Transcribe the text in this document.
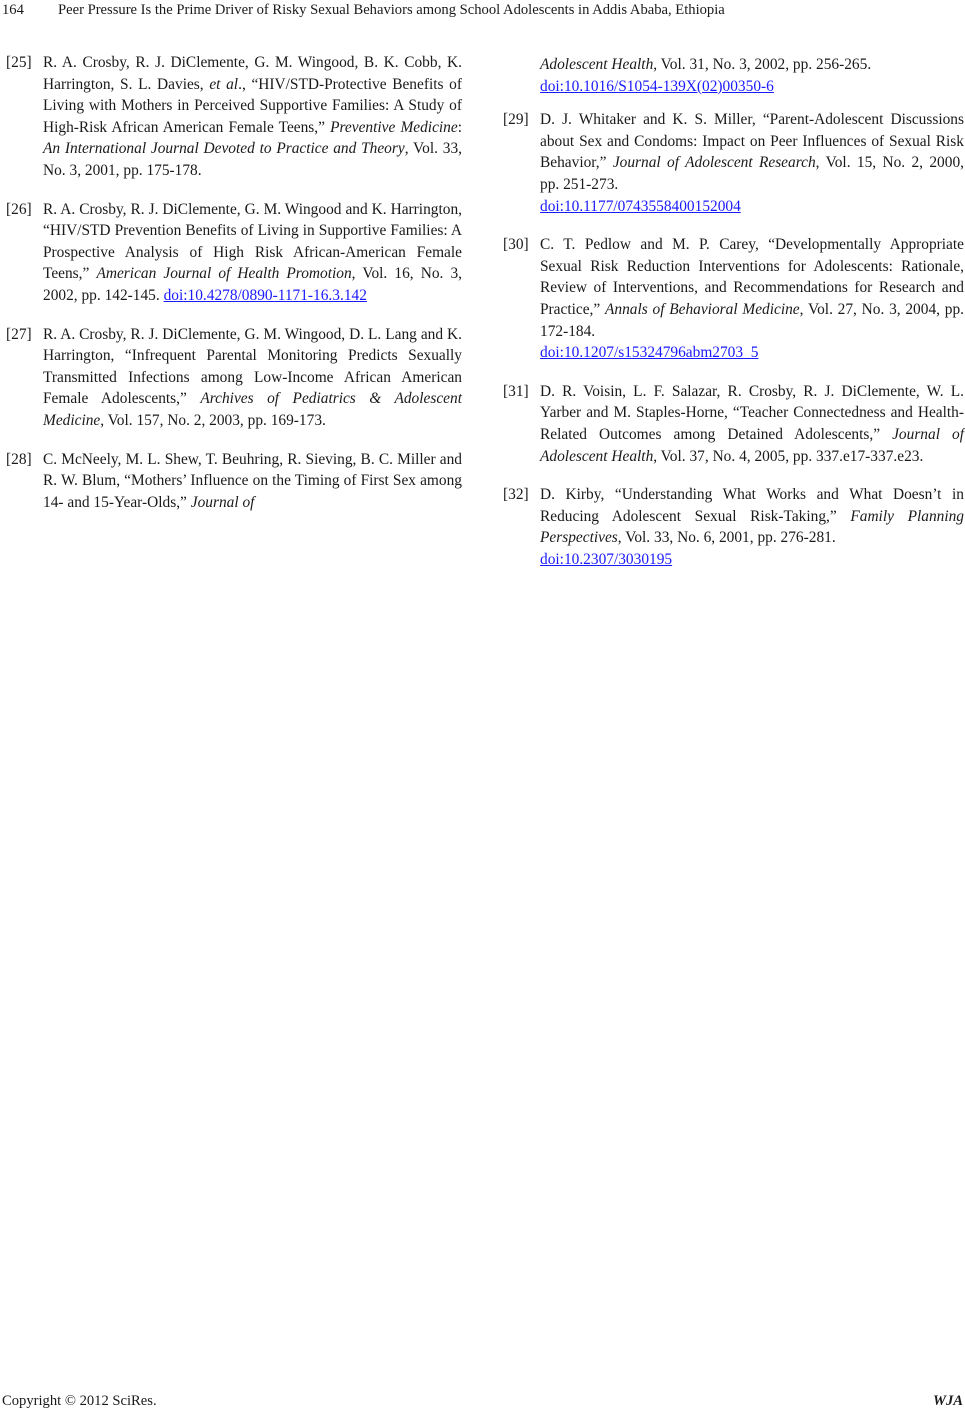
164 Peer Pressure Is the Prime Driver of Risky Sexual Behaviors among School Adolescents in Addis Ababa, Ethiopia
[25] R. A. Crosby, R. J. DiClemente, G. M. Wingood, B. K. Cobb, K. Harrington, S. L. Davies, et al., “HIV/STD-Protective Benefits of Living with Mothers in Perceived Supportive Families: A Study of High-Risk African American Female Teens,” Preventive Medicine: An International Journal Devoted to Practice and Theory, Vol. 33, No. 3, 2001, pp. 175-178.
[26] R. A. Crosby, R. J. DiClemente, G. M. Wingood and K. Harrington, “HIV/STD Prevention Benefits of Living in Supportive Families: A Prospective Analysis of High Risk African-American Female Teens,” American Journal of Health Promotion, Vol. 16, No. 3, 2002, pp. 142-145. doi:10.4278/0890-1171-16.3.142
[27] R. A. Crosby, R. J. DiClemente, G. M. Wingood, D. L. Lang and K. Harrington, “Infrequent Parental Monitoring Predicts Sexually Transmitted Infections among Low-Income African American Female Adolescents,” Archives of Pediatrics & Adolescent Medicine, Vol. 157, No. 2, 2003, pp. 169-173.
[28] C. McNeely, M. L. Shew, T. Beuhring, R. Sieving, B. C. Miller and R. W. Blum, “Mothers’ Influence on the Timing of First Sex among 14- and 15-Year-Olds,” Journal of
Adolescent Health, Vol. 31, No. 3, 2002, pp. 256-265.
doi:10.1016/S1054-139X(02)00350-6
[29] D. J. Whitaker and K. S. Miller, “Parent-Adolescent Discussions about Sex and Condoms: Impact on Peer Influences of Sexual Risk Behavior,” Journal of Adolescent Research, Vol. 15, No. 2, 2000, pp. 251-273.
doi:10.1177/0743558400152004
[30] C. T. Pedlow and M. P. Carey, “Developmentally Appropriate Sexual Risk Reduction Interventions for Adolescents: Rationale, Review of Interventions, and Recommendations for Research and Practice,” Annals of Behavioral Medicine, Vol. 27, No. 3, 2004, pp. 172-184.
doi:10.1207/s15324796abm2703_5
[31] D. R. Voisin, L. F. Salazar, R. Crosby, R. J. DiClemente, W. L. Yarber and M. Staples-Horne, “Teacher Connectedness and Health-Related Outcomes among Detained Adolescents,” Journal of Adolescent Health, Vol. 37, No. 4, 2005, pp. 337.e17-337.e23.
[32] D. Kirby, “Understanding What Works and What Doesn’t in Reducing Adolescent Sexual Risk-Taking,” Family Planning Perspectives, Vol. 33, No. 6, 2001, pp. 276-281.
doi:10.2307/3030195
Copyright © 2012 SciRes.	WJA
